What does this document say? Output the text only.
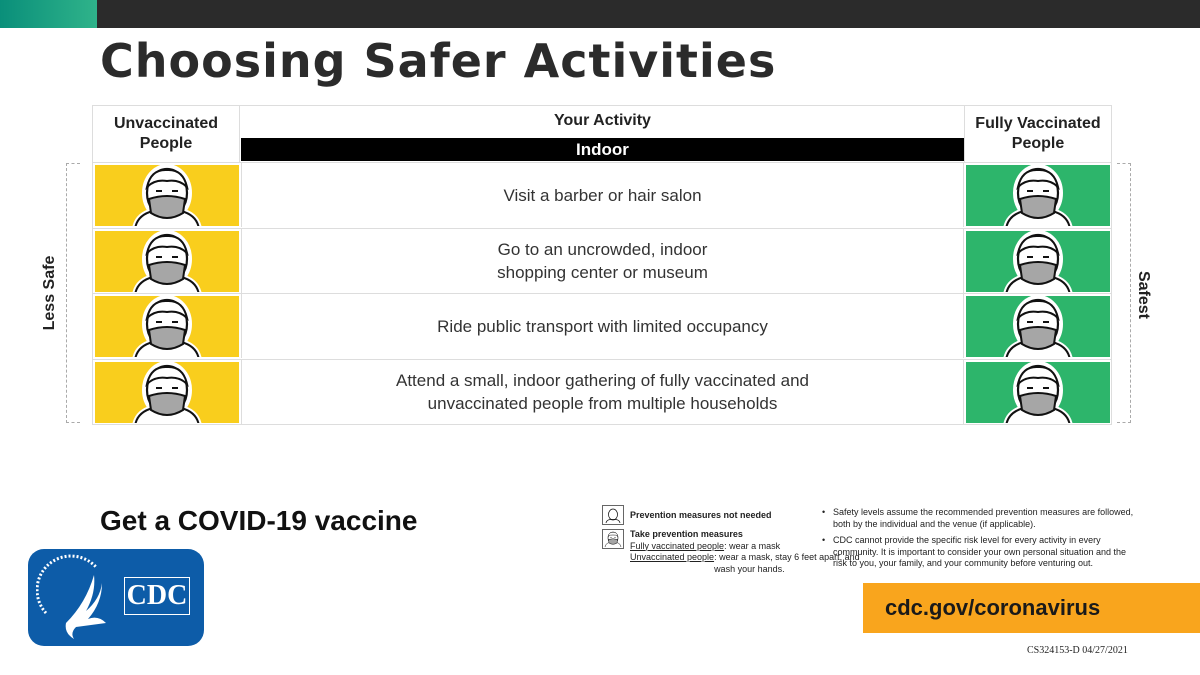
Choosing Safer Activities
Unvaccinated People
Your Activity
Indoor
Fully Vaccinated People
Visit a barber or hair salon
Go to an uncrowded, indoor shopping center or museum
Ride public transport with limited occupancy
Attend a small, indoor gathering of fully vaccinated and unvaccinated people from multiple households
Less Safe	Safest
Get a COVID-19 vaccine
CDC
Prevention measures not needed
Take prevention measures
Fully vaccinated people: wear a mask
Unvaccinated people: wear a mask, stay 6 feet apart, and wash your hands.
• Safety levels assume the recommended prevention measures are followed, both by the individual and the venue (if applicable).
• CDC cannot provide the specific risk level for every activity in every community. It is important to consider your own personal situation and the risk to you, your family, and your community before venturing out.
cdc.gov/coronavirus
CS324153-D 04/27/2021
